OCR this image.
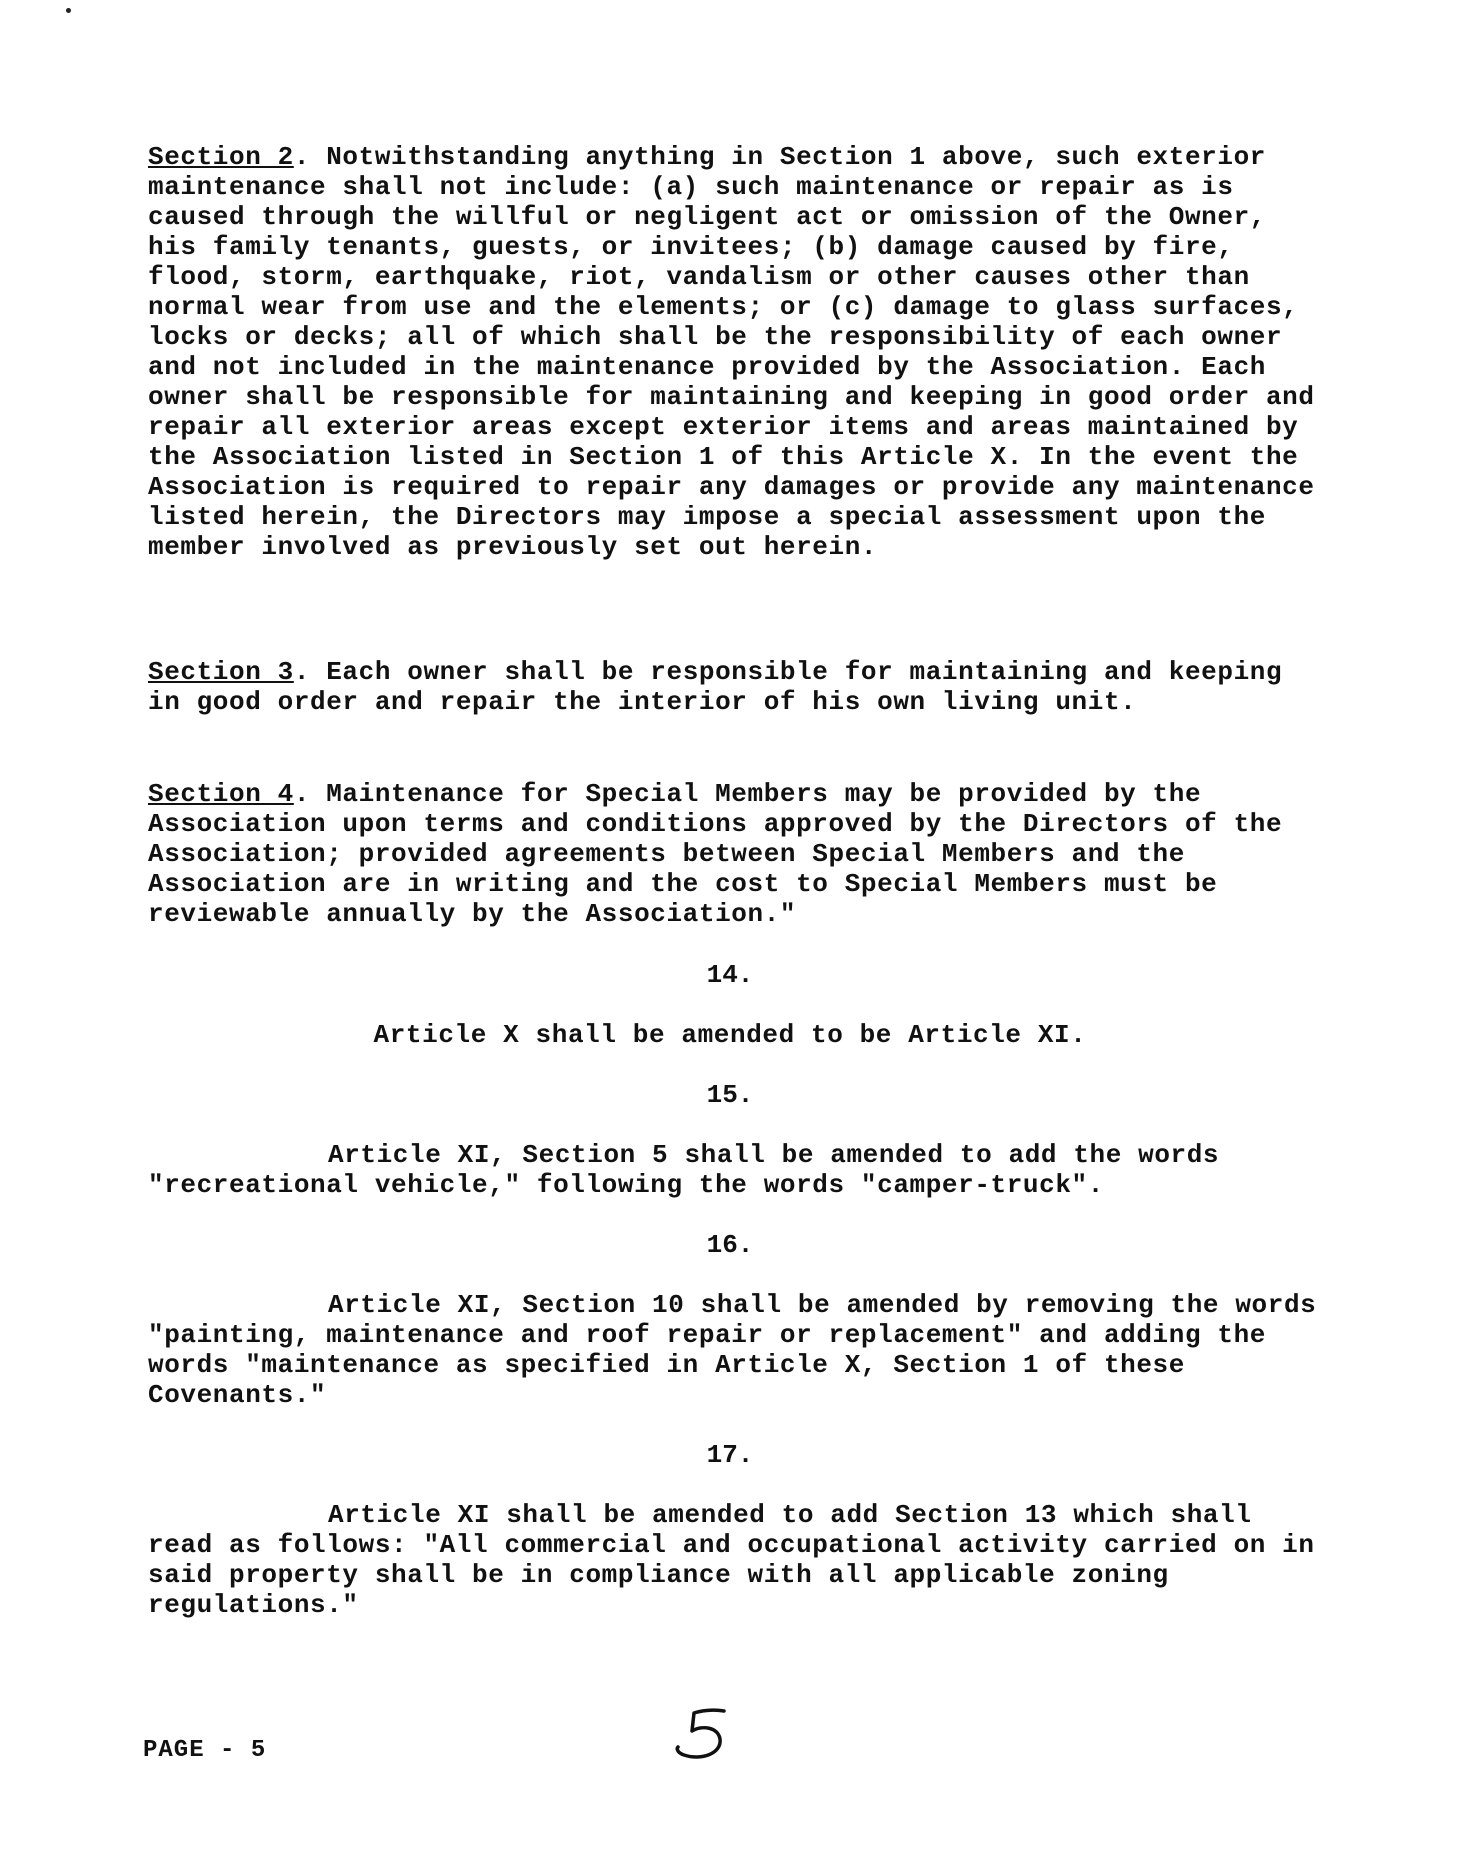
Section 2. Notwithstanding anything in Section 1 above, such exterior maintenance shall not include: (a) such maintenance or repair as is caused through the willful or negligent act or omission of the Owner, his family tenants, guests, or invitees; (b) damage caused by fire, flood, storm, earthquake, riot, vandalism or other causes other than normal wear from use and the elements; or (c) damage to glass surfaces, locks or decks; all of which shall be the responsibility of each owner and not included in the maintenance provided by the Association. Each owner shall be responsible for maintaining and keeping in good order and repair all exterior areas except exterior items and areas maintained by the Association listed in Section 1 of this Article X. In the event the Association is required to repair any damages or provide any maintenance listed herein, the Directors may impose a special assessment upon the member involved as previously set out herein.
Section 3. Each owner shall be responsible for maintaining and keeping in good order and repair the interior of his own living unit.
Section 4. Maintenance for Special Members may be provided by the Association upon terms and conditions approved by the Directors of the Association; provided agreements between Special Members and the Association are in writing and the cost to Special Members must be reviewable annually by the Association."
14.
Article X shall be amended to be Article XI.
15.
Article XI, Section 5 shall be amended to add the words "recreational vehicle," following the words "camper-truck".
16.
Article XI, Section 10 shall be amended by removing the words "painting, maintenance and roof repair or replacement" and adding the words "maintenance as specified in Article X, Section 1 of these Covenants."
17.
Article XI shall be amended to add Section 13 which shall read as follows: "All commercial and occupational activity carried on in said property shall be in compliance with all applicable zoning regulations."
PAGE - 5
